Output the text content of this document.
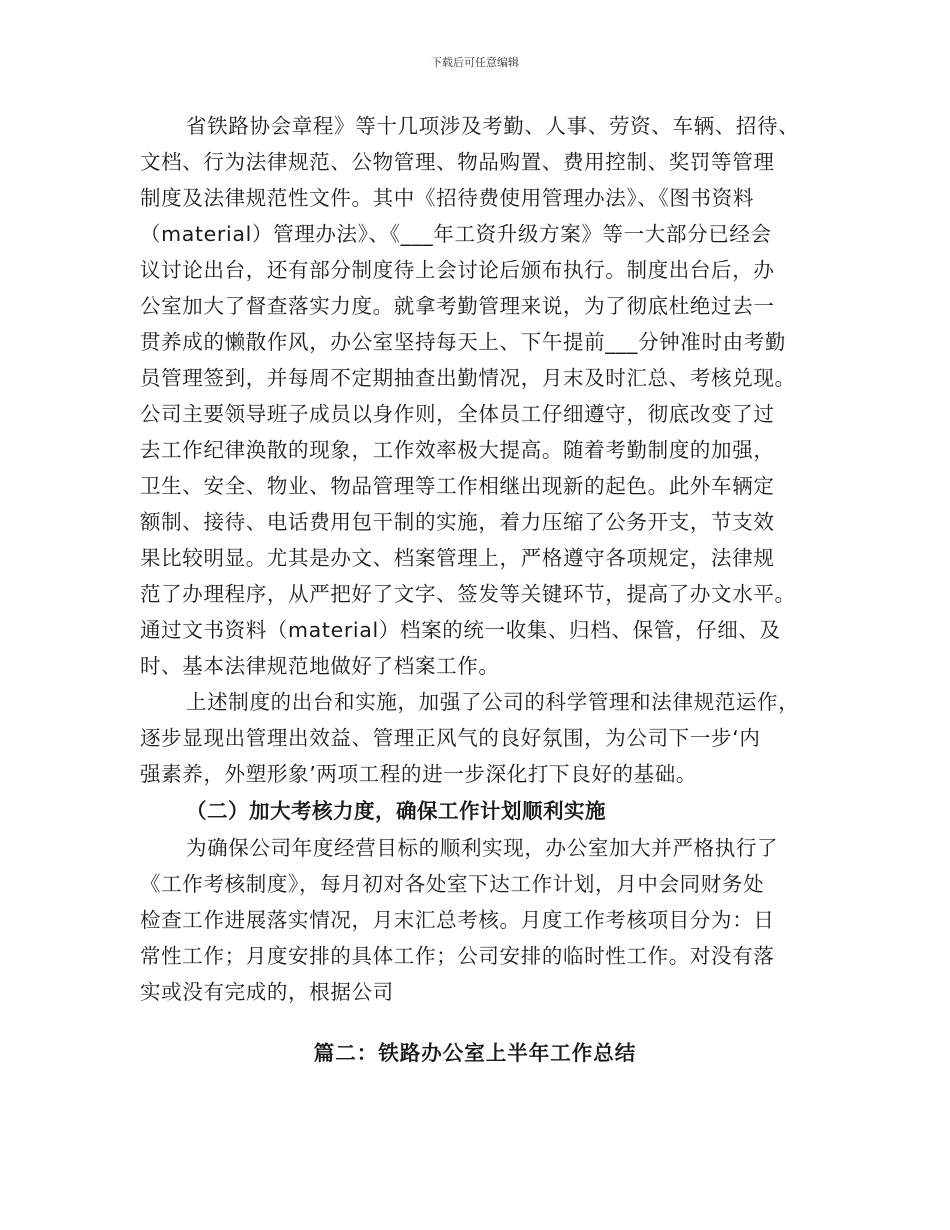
下载后可任意编辑
省铁路协会章程》等十几项涉及考勤、人事、劳资、车辆、招待、
文档、行为法律规范、公物管理、物品购置、费用控制、奖罚等管理
制度及法律规范性文件。其中《招待费使用管理办法》、《图书资料
（material）管理办法》、《___年工资升级方案》等一大部分已经会
议讨论出台，还有部分制度待上会讨论后颁布执行。制度出台后，办
公室加大了督查落实力度。就拿考勤管理来说，为了彻底杜绝过去一
贯养成的懒散作风，办公室坚持每天上、下午提前___分钟准时由考勤
员管理签到，并每周不定期抽查出勤情况，月末及时汇总、考核兑现。
公司主要领导班子成员以身作则，全体员工仔细遵守，彻底改变了过
去工作纪律涣散的现象，工作效率极大提高。随着考勤制度的加强，
卫生、安全、物业、物品管理等工作相继出现新的起色。此外车辆定
额制、接待、电话费用包干制的实施，着力压缩了公务开支，节支效
果比较明显。尤其是办文、档案管理上，严格遵守各项规定，法律规
范了办理程序，从严把好了文字、签发等关键环节，提高了办文水平。
通过文书资料（material）档案的统一收集、归档、保管，仔细、及
时、基本法律规范地做好了档案工作。
上述制度的出台和实施，加强了公司的科学管理和法律规范运作，
逐步显现出管理出效益、管理正风气的良好氛围，为公司下一步‘内
强素养，外塑形象’两项工程的进一步深化打下良好的基础。
（二）加大考核力度，确保工作计划顺利实施
为确保公司年度经营目标的顺利实现，办公室加大并严格执行了
《工作考核制度》，每月初对各处室下达工作计划，月中会同财务处
检查工作进展落实情况，月末汇总考核。月度工作考核项目分为：日
常性工作；月度安排的具体工作；公司安排的临时性工作。对没有落
实或没有完成的，根据公司
篇二：铁路办公室上半年工作总结
